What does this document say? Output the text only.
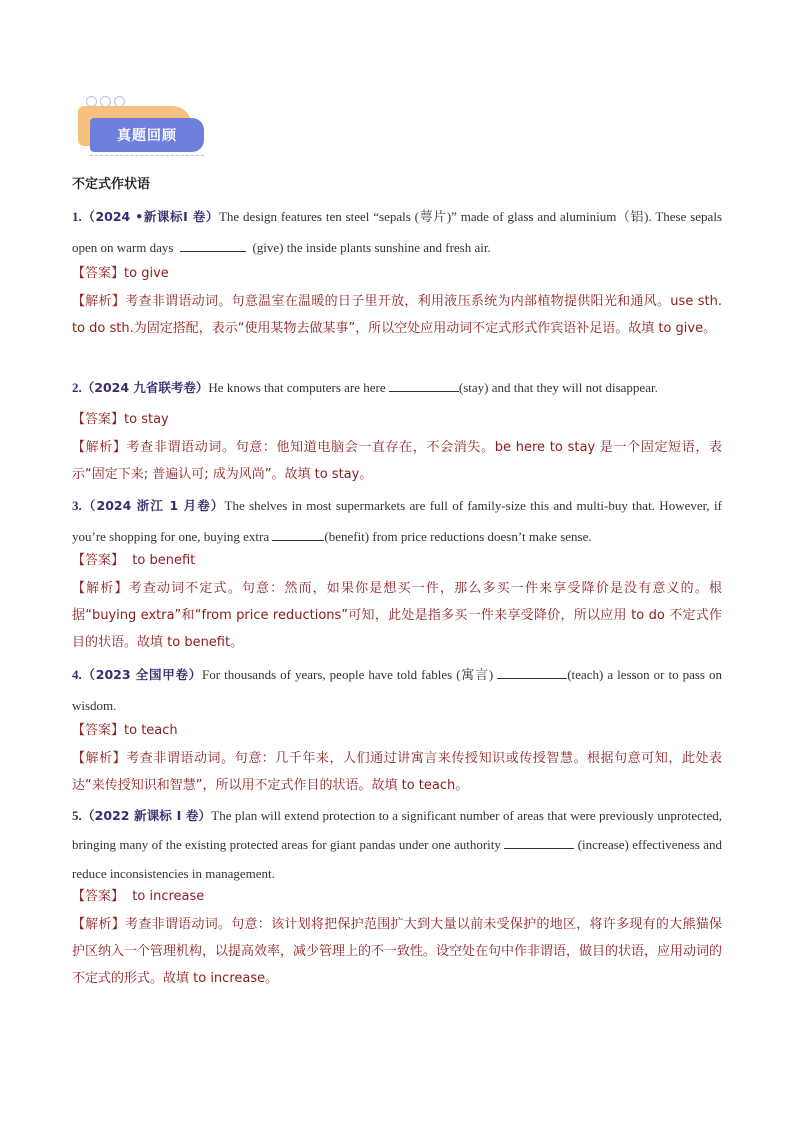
真题回顾
不定式作状语
1.（2024 •新课标I 卷）The design features ten steel “sepals (萼片)” made of glass and aluminium（铝). These sepals open on warm days	(give) the inside plants sunshine and fresh air.
【答案】to give
【解析】考查非谓语动词。句意温室在温暖的日子里开放，利用液压系统为内部植物提供阳光和通风。use sth. to do sth.为固定搭配，表示“使用某物去做某事”，所以空处应用动词不定式形式作宾语补足语。故填 to give。
2.（2024 九省联考卷）He knows that computers are here	(stay) and that they will not disappear.
【答案】to stay
【解析】考查非谓语动词。句意：他知道电脑会一直存在，不会消失。be here to stay 是一个固定短语，表示“固定下来; 普遍认可; 成为风尚”。故填 to stay。
3.（2024 浙江 1 月卷）The shelves in most supermarkets are full of family-size this and multi-buy that. However, if you’re shopping for one, buying extra	(benefit) from price reductions doesn’t make sense.
【答案】 to benefit
【解析】考查动词不定式。句意：然而，如果你是想买一件，那么多买一件来享受降价是没有意义的。根据“buying extra”和“from price reductions”可知，此处是指多买一件来享受降价，所以应用 to do 不定式作目的状语。故填 to benefit。
4.（2023 全国甲卷）For thousands of years, people have told fables (寓言)	(teach) a lesson or to pass on wisdom.
【答案】to teach
【解析】考查非谓语动词。句意：几千年来，人们通过讲寓言来传授知识或传授智慧。根据句意可知，此处表达“来传授知识和智慧”，所以用不定式作目的状语。故填 to teach。
5.（2022 新课标 I 卷）The plan will extend protection to a significant number of areas that were previously unprotected, bringing many of the existing protected areas for giant pandas under one authority	(increase) effectiveness and reduce inconsistencies in management.
【答案】 to increase
【解析】考查非谓语动词。句意：该计划将把保护范围扩大到大量以前未受保护的地区，将许多现有的大熊猫保护区纳入一个管理机构，以提高效率，减少管理上的不一致性。设空处在句中作非谓语，做目的状语，应用动词的不定式的形式。故填 to increase。
